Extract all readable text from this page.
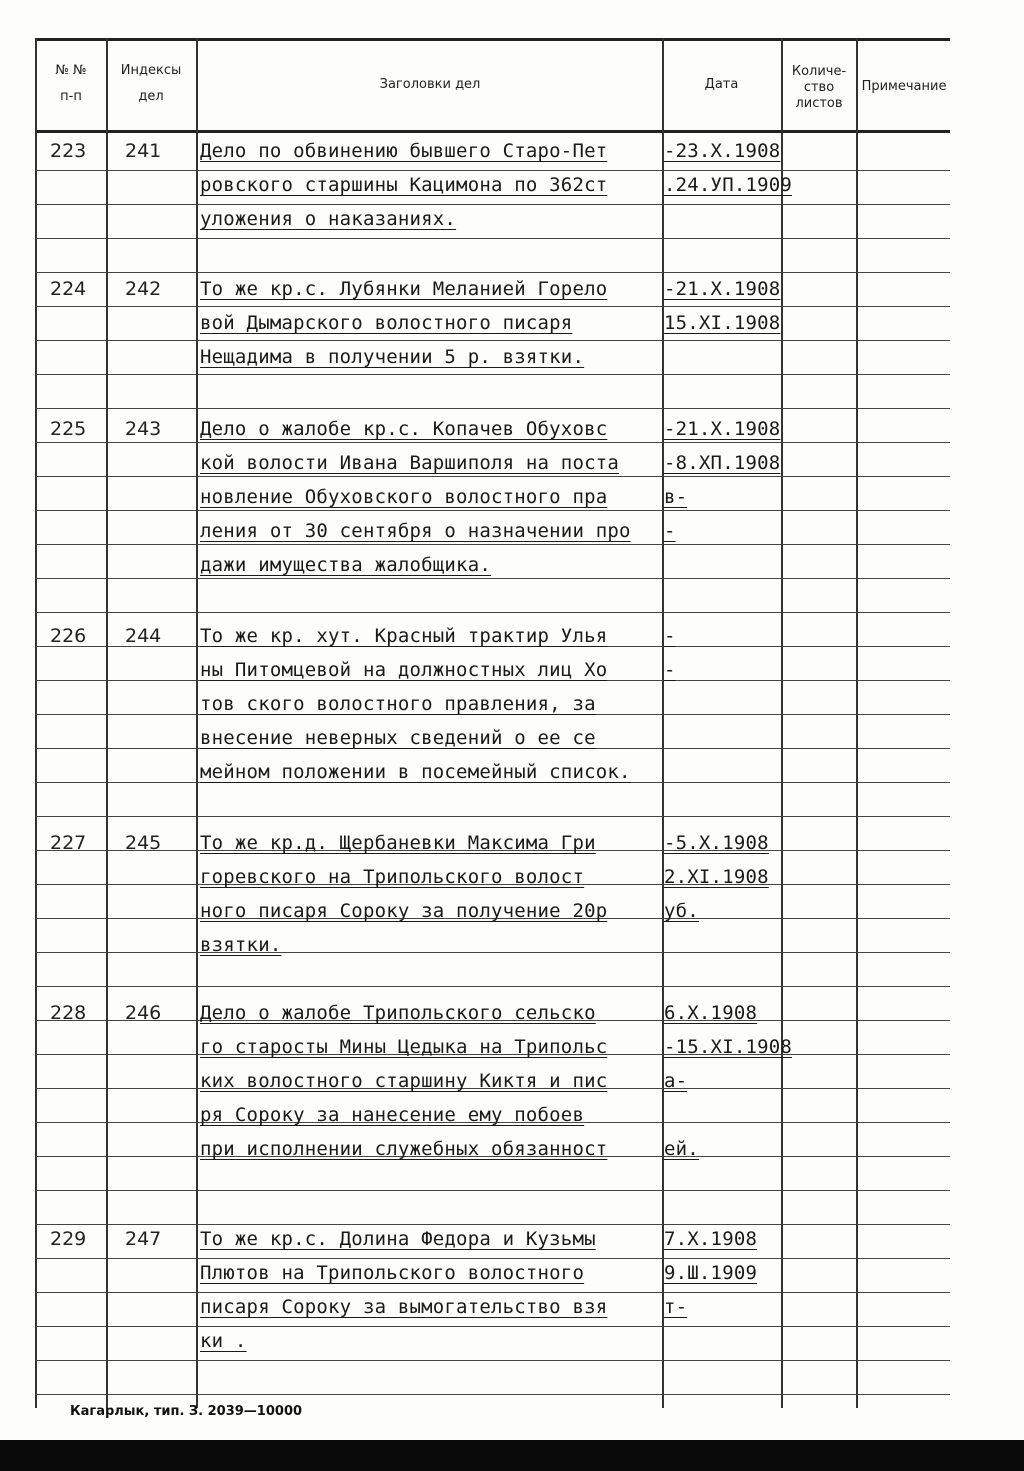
№ №
п-п
Индексы
дел
Заголовки дел	Дата
Количе-
ство
листов
Примечание
223 241 Дело по обвинению бывшего Старо-Пет
ровского старшины Кацимона по 362ст
уложения о наказаниях.
-23.Х.1908
.24.УП.1909
224 242 То же кр.с. Лубянки Меланией Горело
вой Дымарского волостного писаря
Нещадима в получении 5 р. взятки.
-21.Х.1908
15.ХI.1908
225 243 Дело о жалобе кр.с. Копачев Обуховс
кой волости Ивана Варшиполя на поста
новление Обуховского волостного пра
ления от 30 сентября о назначении про
дажи имущества жалобщика.
-21.Х.1908
-8.ХП.1908
в-
-
226 244 То же кр. хут. Красный трактир Улья
ны Питомцевой на должностных лиц Хо
тов ского волостного правления, за
внесение неверных сведений о ее се
мейном положении в посемейный список.
-
-
227 245 То же кр.д. Щербаневки Максима Гри
горевского на Трипольского волост
ного писаря Сороку за получение 20р
взятки.
-5.Х.1908
2.ХI.1908
уб.
228 246 Дело о жалобе Трипольского сельско
го старосты Мины Цедыка на Трипольс
ких волостного старшину Киктя и пис
ря Сороку за нанесение ему побоев
при исполнении служебных обязанност
6.Х.1908
-15.ХI.1908
а-
ей.
229 247 То же кр.с. Долина Федора и Кузьмы
Плютов на Трипольского волостного
писаря Сороку за вымогательство взя
ки .
7.Х.1908
9.Ш.1909
т-
Кагарлык, тип. З. 2039—10000
